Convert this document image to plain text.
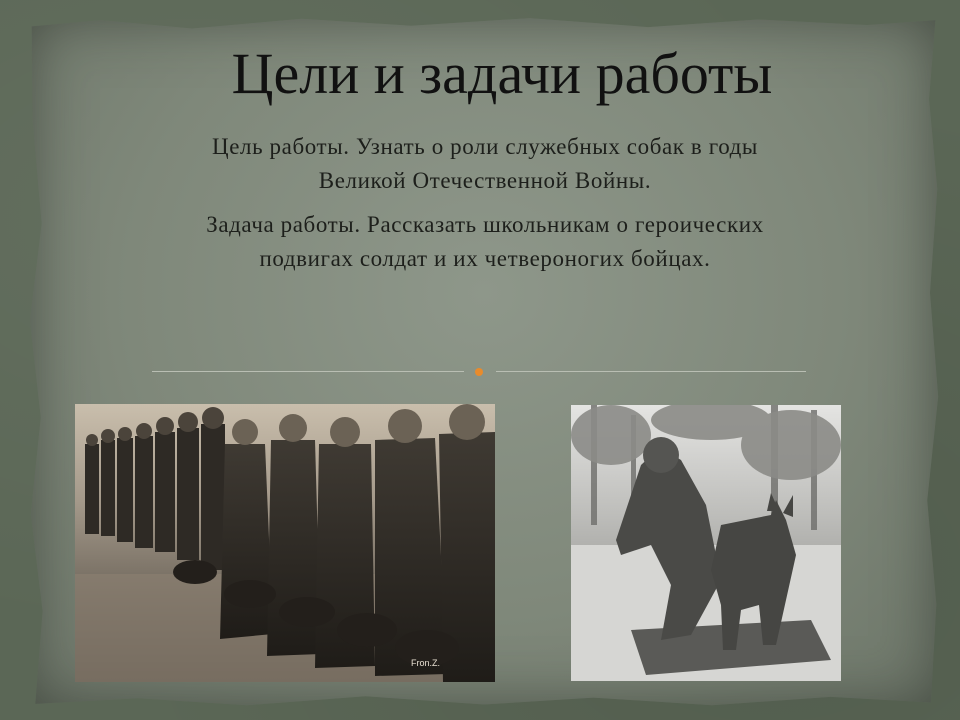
Цели и задачи работы
Цель работы. Узнать о роли служебных собак в годы
Великой Отечественной Войны.
Задача работы. Рассказать школьникам о героических
подвигах солдат и их четвероногих бойцах.
Fron.Z.
